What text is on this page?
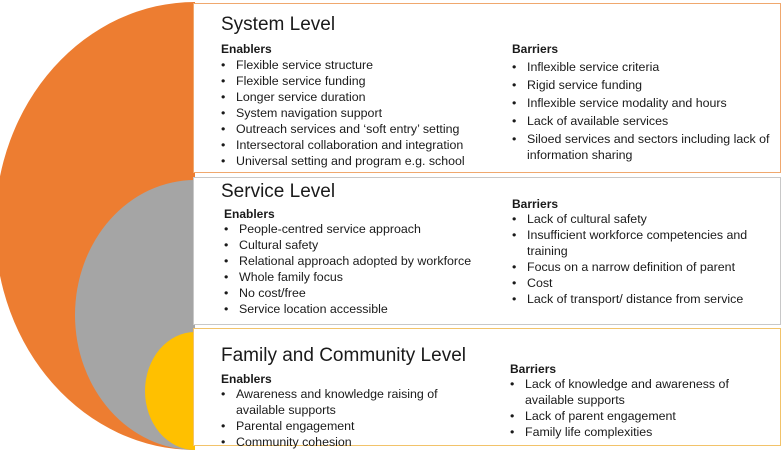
System Level
Enablers
• Flexible service structure
• Flexible service funding
• Longer service duration
• System navigation support
• Outreach services and ‘soft entry’ setting
• Intersectoral collaboration and integration
• Universal setting and program e.g. school
Barriers
• Inflexible service criteria
• Rigid service funding
• Inflexible service modality and hours
• Lack of available services
• Siloed services and sectors including lack of information sharing
Service Level
Enablers
• People-centred service approach
• Cultural safety
• Relational approach adopted by workforce
• Whole family focus
• No cost/free
• Service location accessible
Barriers
• Lack of cultural safety
• Insufficient workforce competencies and training
• Focus on a narrow definition of parent
• Cost
• Lack of transport/ distance from service
Family and Community Level
Enablers
• Awareness and knowledge raising of available supports
• Parental engagement
• Community cohesion
Barriers
• Lack of knowledge and awareness of available supports
• Lack of parent engagement
• Family life complexities
